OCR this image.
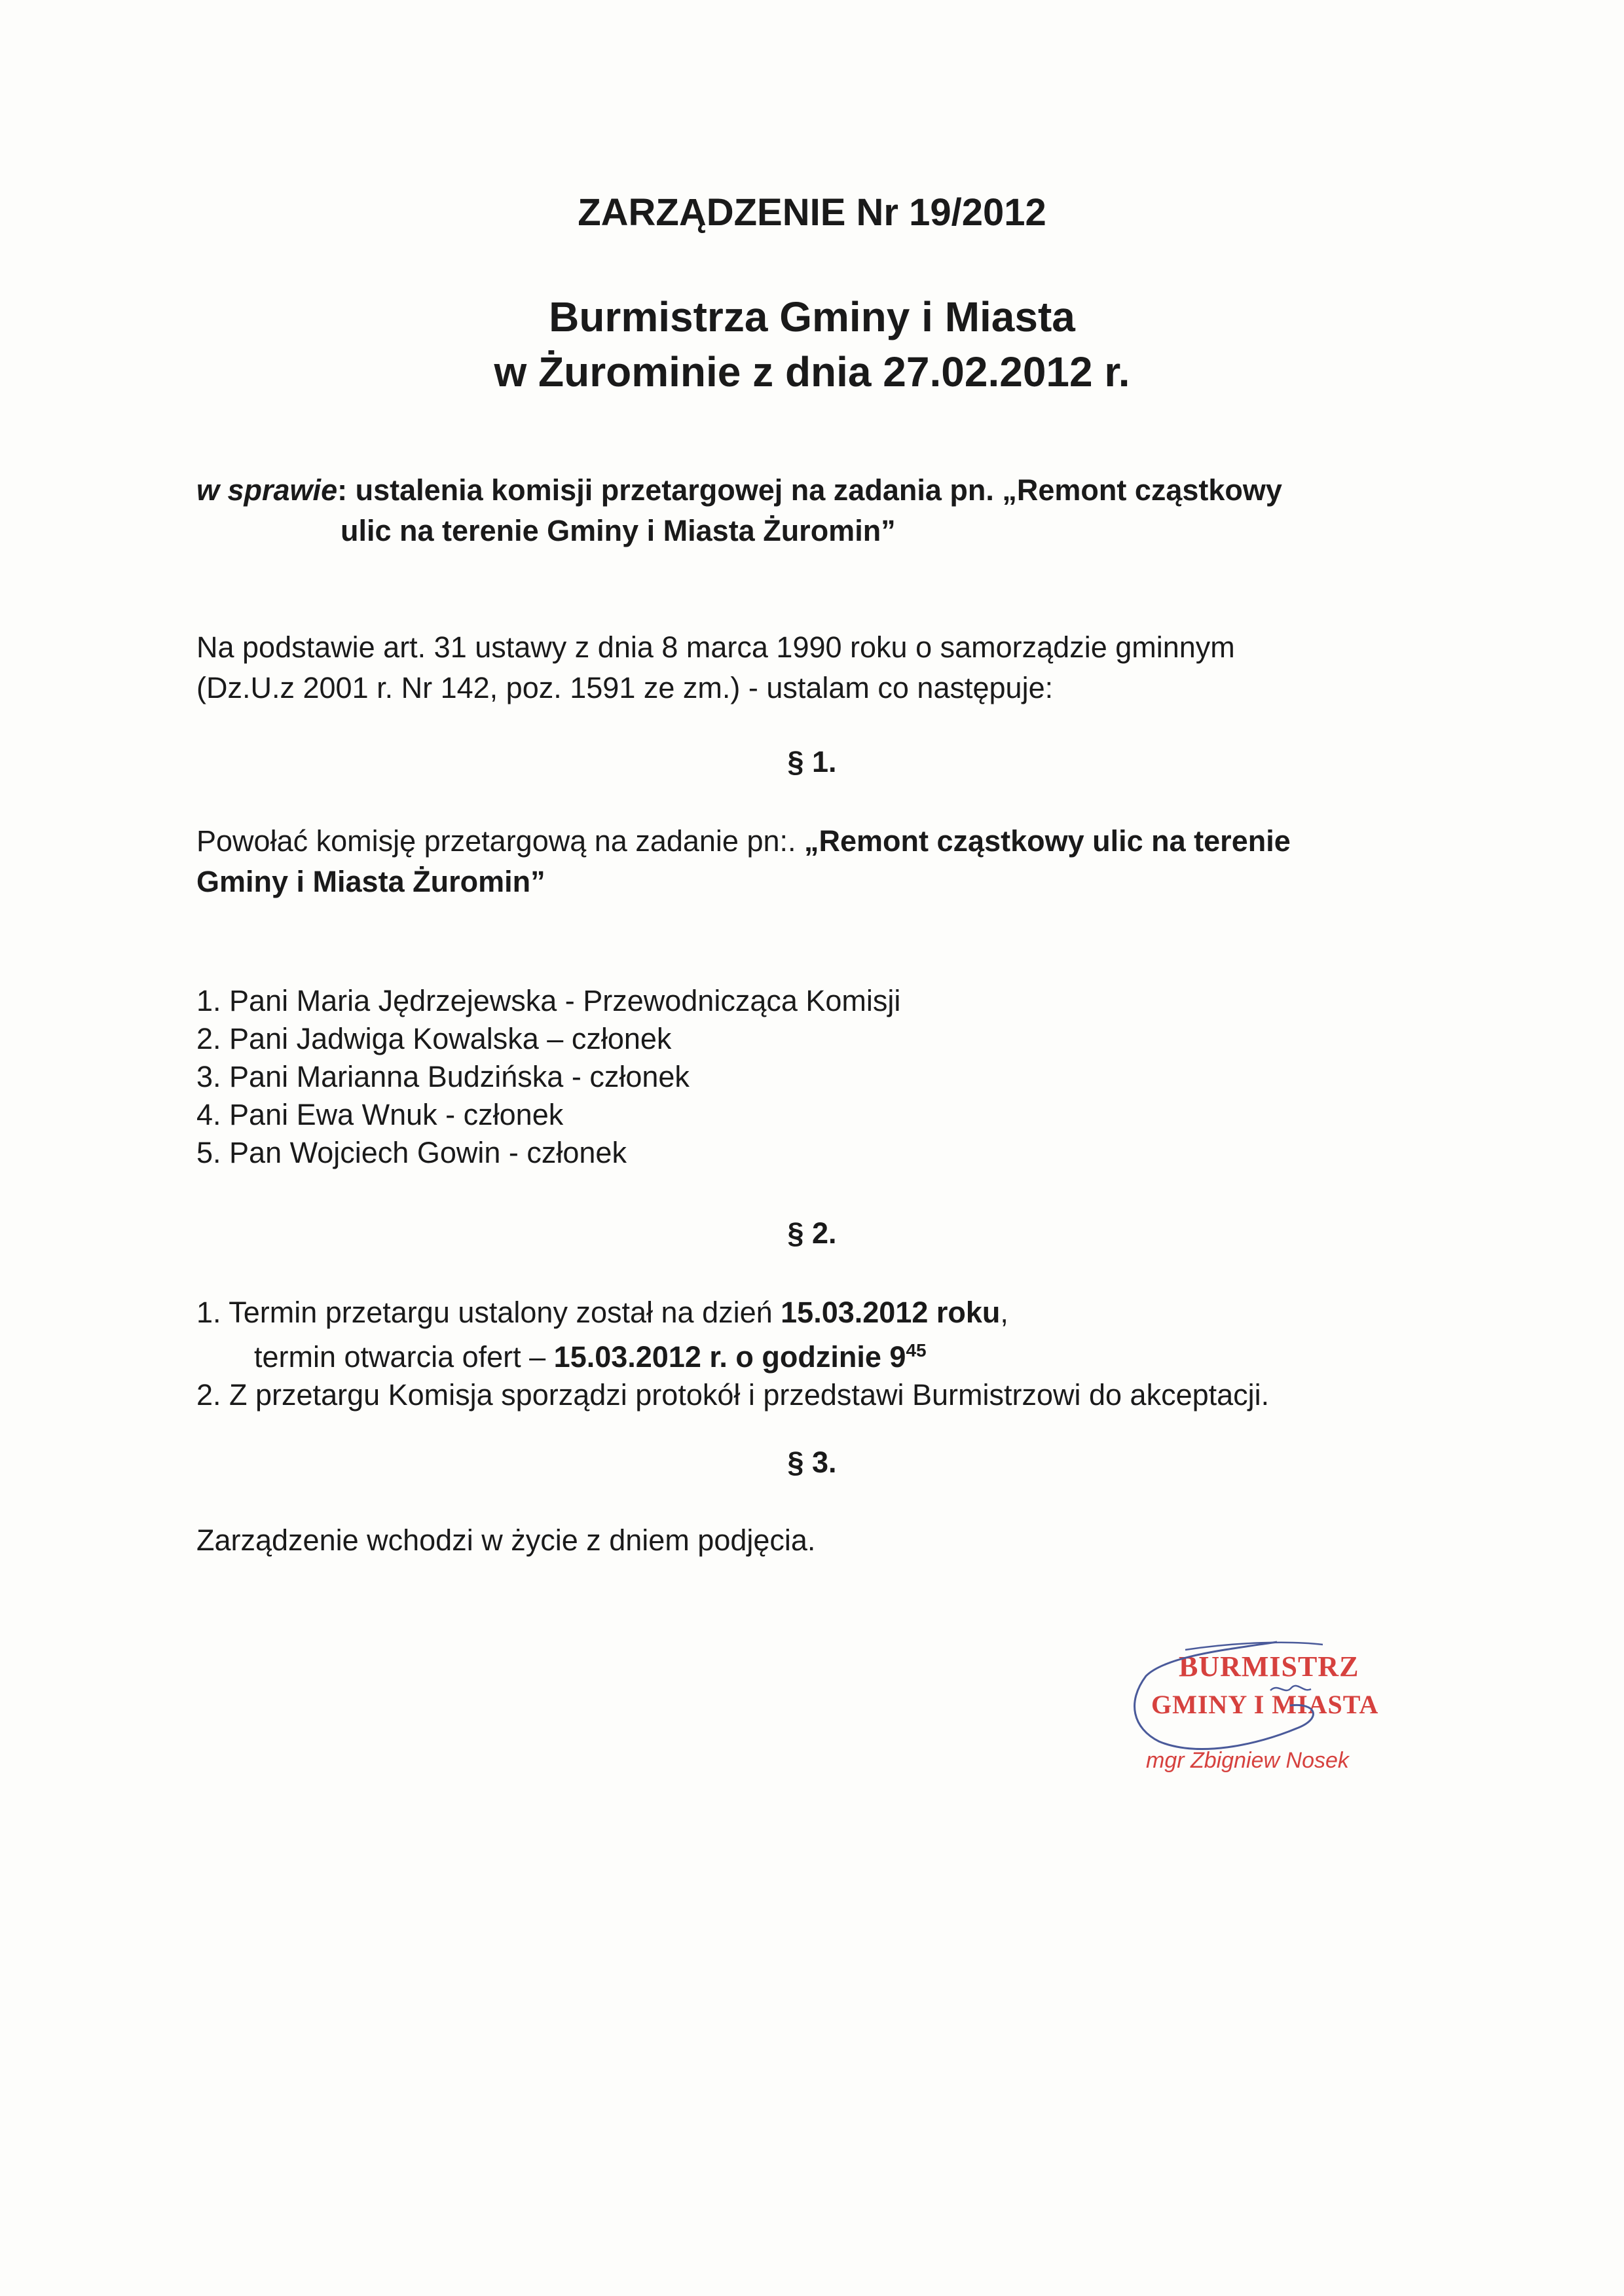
ZARZĄDZENIE Nr 19/2012
Burmistrza Gminy i Miasta
w Żurominie z dnia 27.02.2012 r.
w sprawie: ustalenia komisji przetargowej na zadania pn. „Remont cząstkowy
ulic na terenie Gminy i Miasta Żuromin”
Na podstawie art. 31 ustawy z dnia 8 marca 1990 roku o samorządzie gminnym
(Dz.U.z 2001 r. Nr 142, poz. 1591 ze zm.) - ustalam co następuje:
§ 1.
Powołać komisję przetargową na zadanie pn:. „Remont cząstkowy ulic na terenie
Gminy i Miasta Żuromin”
1. Pani Maria Jędrzejewska - Przewodnicząca Komisji
2. Pani Jadwiga Kowalska – członek
3. Pani Marianna Budzińska - członek
4. Pani Ewa Wnuk - członek
5. Pan Wojciech Gowin - członek
§ 2.
1. Termin przetargu ustalony został na dzień 15.03.2012 roku,
termin otwarcia ofert – 15.03.2012 r. o godzinie $9^{45}$
2. Z przetargu Komisja sporządzi protokół i przedstawi Burmistrzowi do akceptacji.
§ 3.
Zarządzenie wchodzi w życie z dniem podjęcia.
BURMISTRZ
GMINY I MIASTA
mgr Zbigniew Nosek
